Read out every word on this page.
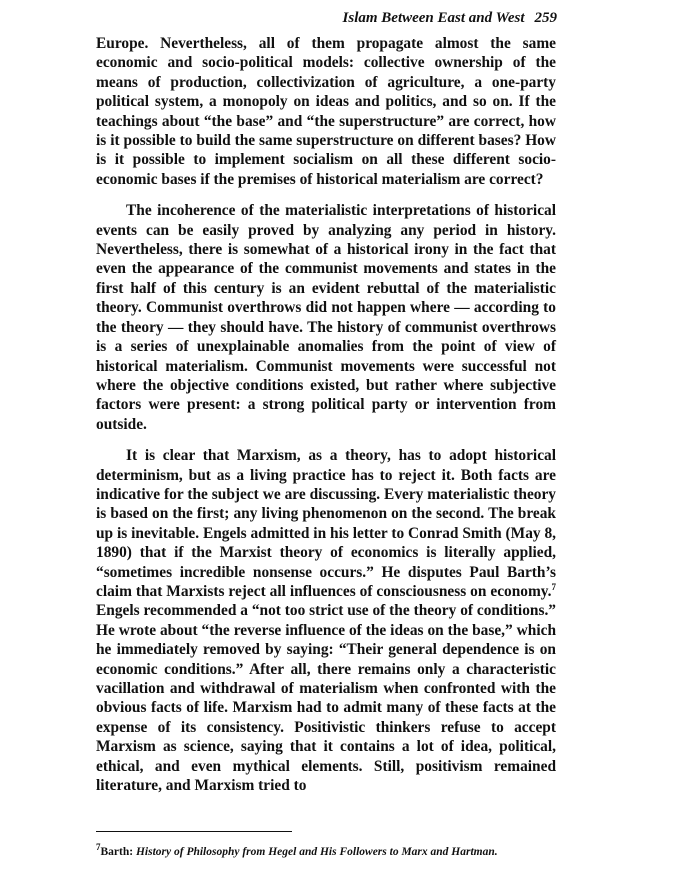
Islam Between East and West 259

Europe. Nevertheless, all of them propagate almost the same economic and socio-political models: collective ownership of the means of production, collectivization of agriculture, a one-party political system, a monopoly on ideas and politics, and so on. If the teachings about “the base” and “the superstructure” are correct, how is it possible to build the same superstructure on different bases? How is it possible to implement socialism on all these different socio-economic bases if the premises of historical materialism are correct?

The incoherence of the materialistic interpretations of historical events can be easily proved by analyzing any period in history. Nevertheless, there is somewhat of a historical irony in the fact that even the appearance of the communist movements and states in the first half of this century is an evident rebuttal of the materialistic theory. Communist overthrows did not happen where — according to the theory — they should have. The history of communist overthrows is a series of unexplainable anomalies from the point of view of historical materialism. Communist movements were successful not where the objective conditions existed, but rather where subjective factors were present: a strong political party or intervention from outside.

It is clear that Marxism, as a theory, has to adopt historical determinism, but as a living practice has to reject it. Both facts are indicative for the subject we are discussing. Every materialistic theory is based on the first; any living phenomenon on the second. The break up is inevitable. Engels admitted in his letter to Conrad Smith (May 8, 1890) that if the Marxist theory of economics is literally applied, “sometimes incredible nonsense occurs.” He disputes Paul Barth’s claim that Marxists reject all influences of consciousness on economy.$^7$ Engels recommended a “not too strict use of the theory of conditions.” He wrote about “the reverse influence of the ideas on the base,” which he immediately removed by saying: “Their general dependence is on economic conditions.” After all, there remains only a characteristic vacillation and withdrawal of materialism when confronted with the obvious facts of life. Marxism had to admit many of these facts at the expense of its consistency. Positivistic thinkers refuse to accept Marxism as science, saying that it contains a lot of idea, political, ethical, and even mythical elements. Still, positivism remained literature, and Marxism tried to

$^7$Barth: History of Philosophy from Hegel and His Followers to Marx and Hartman.
